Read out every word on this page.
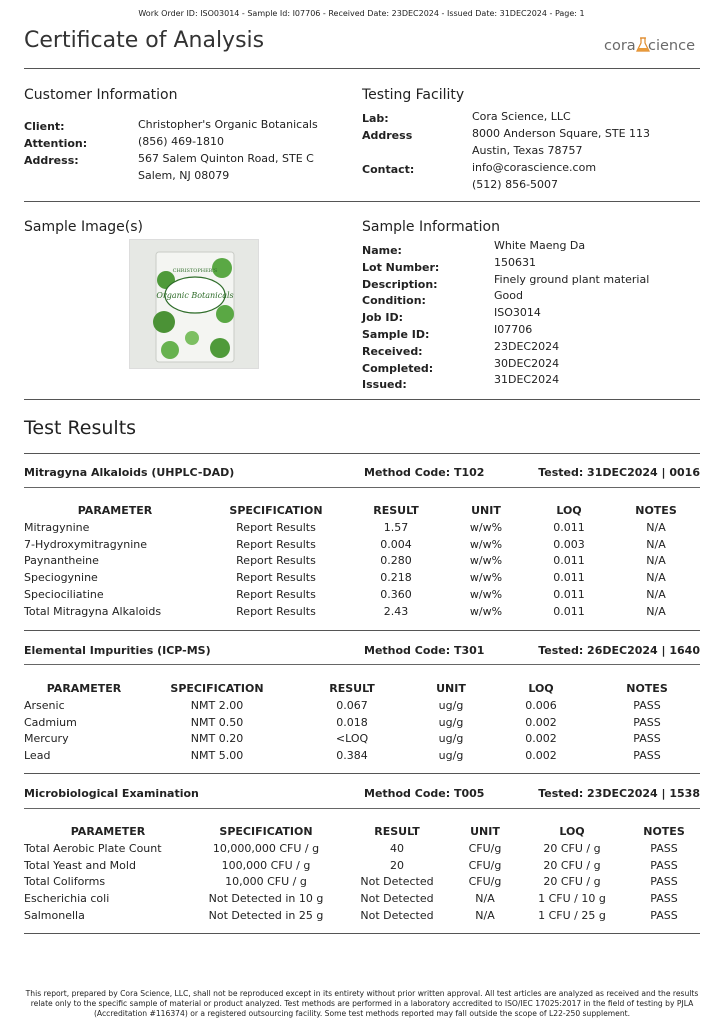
Work Order ID: ISO03014 - Sample Id: I07706 - Received Date: 23DEC2024 - Issued Date: 31DEC2024 - Page: 1
Certificate of Analysis	cora cience
Customer Information
Client:	Christopher's Organic Botanicals
Attention:	(856) 469-1810
Address:	567 Salem Quinton Road, STE C
Salem, NJ 08079
Testing Facility
Lab:	Cora Science, LLC
Address	8000 Anderson Square, STE 113
Austin, Texas 78757
Contact:	info@corascience.com
(512) 856-5007
Sample Image(s)
CHRISTOPHER'S
Organic Botanicals
Sample Information
Name:	White Maeng Da
Lot Number:	150631
Description:	Finely ground plant material
Condition:	Good
Job ID:	ISO3014
Sample ID:	I07706
Received:	23DEC2024
Completed:	30DEC2024
Issued:	31DEC2024
Test Results
Mitragyna Alkaloids (UHPLC-DAD)	Method Code: T102	Tested: 31DEC2024 | 0016
PARAMETER	SPECIFICATION	RESULT	UNIT	LOQ	NOTES
Mitragynine	Report Results	1.57	w/w%	0.011	N/A
7-Hydroxymitragynine	Report Results	0.004	w/w%	0.003	N/A
Paynantheine	Report Results	0.280	w/w%	0.011	N/A
Speciogynine	Report Results	0.218	w/w%	0.011	N/A
Speciociliatine	Report Results	0.360	w/w%	0.011	N/A
Total Mitragyna Alkaloids	Report Results	2.43	w/w%	0.011	N/A
Elemental Impurities (ICP-MS)	Method Code: T301	Tested: 26DEC2024 | 1640
PARAMETER	SPECIFICATION	RESULT	UNIT	LOQ	NOTES
Arsenic	NMT 2.00	0.067	ug/g	0.006	PASS
Cadmium	NMT 0.50	0.018	ug/g	0.002	PASS
Mercury	NMT 0.20	<LOQ	ug/g	0.002	PASS
Lead	NMT 5.00	0.384	ug/g	0.002	PASS
Microbiological Examination	Method Code: T005	Tested: 23DEC2024 | 1538
PARAMETER	SPECIFICATION	RESULT	UNIT	LOQ	NOTES
Total Aerobic Plate Count	10,000,000 CFU / g	40	CFU/g	20 CFU / g	PASS
Total Yeast and Mold	100,000 CFU / g	20	CFU/g	20 CFU / g	PASS
Total Coliforms	10,000 CFU / g	Not Detected	CFU/g	20 CFU / g	PASS
Escherichia coli	Not Detected in 10 g	Not Detected	N/A	1 CFU / 10 g	PASS
Salmonella	Not Detected in 25 g	Not Detected	N/A	1 CFU / 25 g	PASS
This report, prepared by Cora Science, LLC, shall not be reproduced except in its entirety without prior written approval. All test articles are analyzed as received and the results relate only to the specific sample of material or product analyzed. Test methods are performed in a laboratory accredited to ISO/IEC 17025:2017 in the field of testing by PJLA (Accreditation #116374) or a registered outsourcing facility. Some test methods reported may fall outside the scope of L22-250 supplement.
